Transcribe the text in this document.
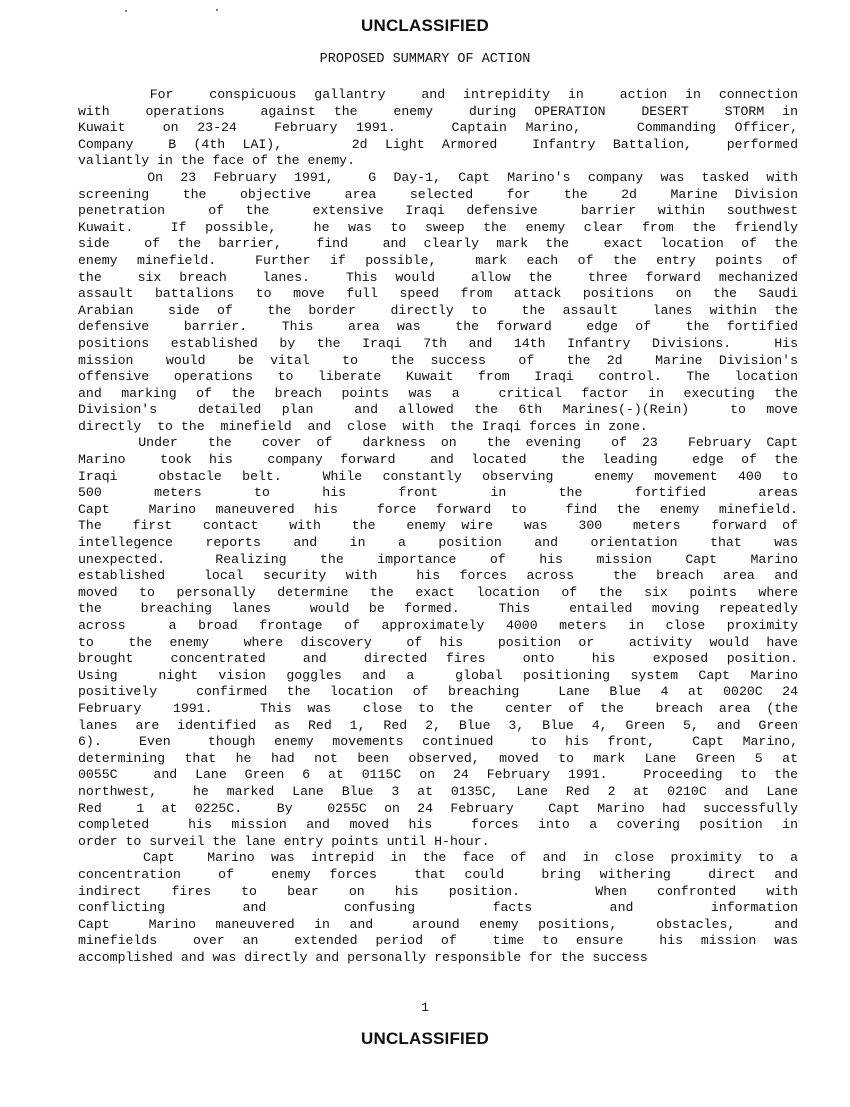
UNCLASSIFIED
PROPOSED SUMMARY OF ACTION
For  conspicuous gallantry  and intrepidity in  action in connection
with  operations  against the  enemy  during OPERATION  DESERT  STORM in
Kuwait  on 23-24  February 1991.   Captain Marino,   Commanding Officer,
Company  B (4th LAI),    2d Light Armored  Infantry Battalion,  performed
valiantly in the face of the enemy.
On 23 February 1991,  G Day-1, Capt Marino's company was tasked with
screening  the  objective  area  selected  for  the  2d  Marine Division
penetration  of the  extensive Iraqi defensive  barrier within southwest
Kuwait.  If possible,  he was to sweep the enemy clear from the friendly
side  of the barrier,  find  and clearly mark the  exact location of the
enemy minefield.  Further if possible,  mark each of the entry points of
the  six breach  lanes.  This would  allow the  three forward mechanized
assault battalions to move full speed from attack positions on the Saudi
Arabian  side of  the border  directly to  the assault  lanes within the
defensive  barrier.  This  area was  the forward  edge of  the fortified
positions established by the Iraqi 7th and 14th Infantry Divisions.  His
mission  would  be vital  to  the success  of  the 2d  Marine Division's
offensive operations to liberate Kuwait from Iraqi control. The location
and marking of the breach points was a  critical factor in executing the
Division's  detailed plan  and allowed the 6th Marines(-)(Rein)  to move
directly  to the  minefield  and  close  with  the Iraqi forces in zone.
Under  the  cover of  darkness on  the evening  of 23  February Capt
Marino  took his  company forward  and located  the leading  edge of the
Iraqi  obstacle belt.  While constantly observing  enemy movement 400 to
500     meters     to     his     front     in     the     fortified     areas
Capt  Marino maneuvered his  force forward to  find the enemy minefield.
The  first  contact  with  the  enemy wire  was  300  meters  forward of
intellegence  reports  and  in  a  position  and  orientation  that  was
unexpected.   Realizing  the  importance  of  his  mission  Capt  Marino
established  local security with  his forces across  the breach area and
moved to personally determine the exact location of the six points where
the  breaching lanes  would be formed.  This  entailed moving repeatedly
across  a broad frontage of approximately 4000 meters in close proximity
to  the enemy  where discovery  of his  position or  activity would have
brought  concentrated  and  directed fires  onto  his  exposed position.
Using  night vision goggles and a  global positioning system Capt Marino
positively  confirmed the location of breaching  Lane Blue 4 at 0020C 24
February  1991.   This was  close to the  center of the  breach area (the
lanes are identified as Red 1, Red 2, Blue 3, Blue 4, Green 5, and Green
6).  Even  though enemy movements continued  to his front,  Capt Marino,
determining that he had not been observed, moved to mark Lane Green 5 at
0055C  and Lane Green 6 at 0115C on 24 February 1991.  Proceeding to the
northwest,  he marked Lane Blue 3 at 0135C, Lane Red 2 at 0210C and Lane
Red  1 at 0225C.  By  0255C on 24 February  Capt Marino had successfully
completed  his mission and moved his  forces into a covering position in
order to surveil the lane entry points until H-hour.
Capt  Marino was intrepid in the face of and in close proximity to a
concentration  of  enemy forces  that could  bring withering  direct and
indirect  fires  to  bear  on  his  position.     When  confronted  with
conflicting       and       confusing       facts       and       information
Capt  Marino maneuvered in and  around enemy positions,  obstacles,  and
minefields  over an  extended period of  time to ensure  his mission was
accomplished and was directly and personally responsible for the success
1
UNCLASSIFIED
